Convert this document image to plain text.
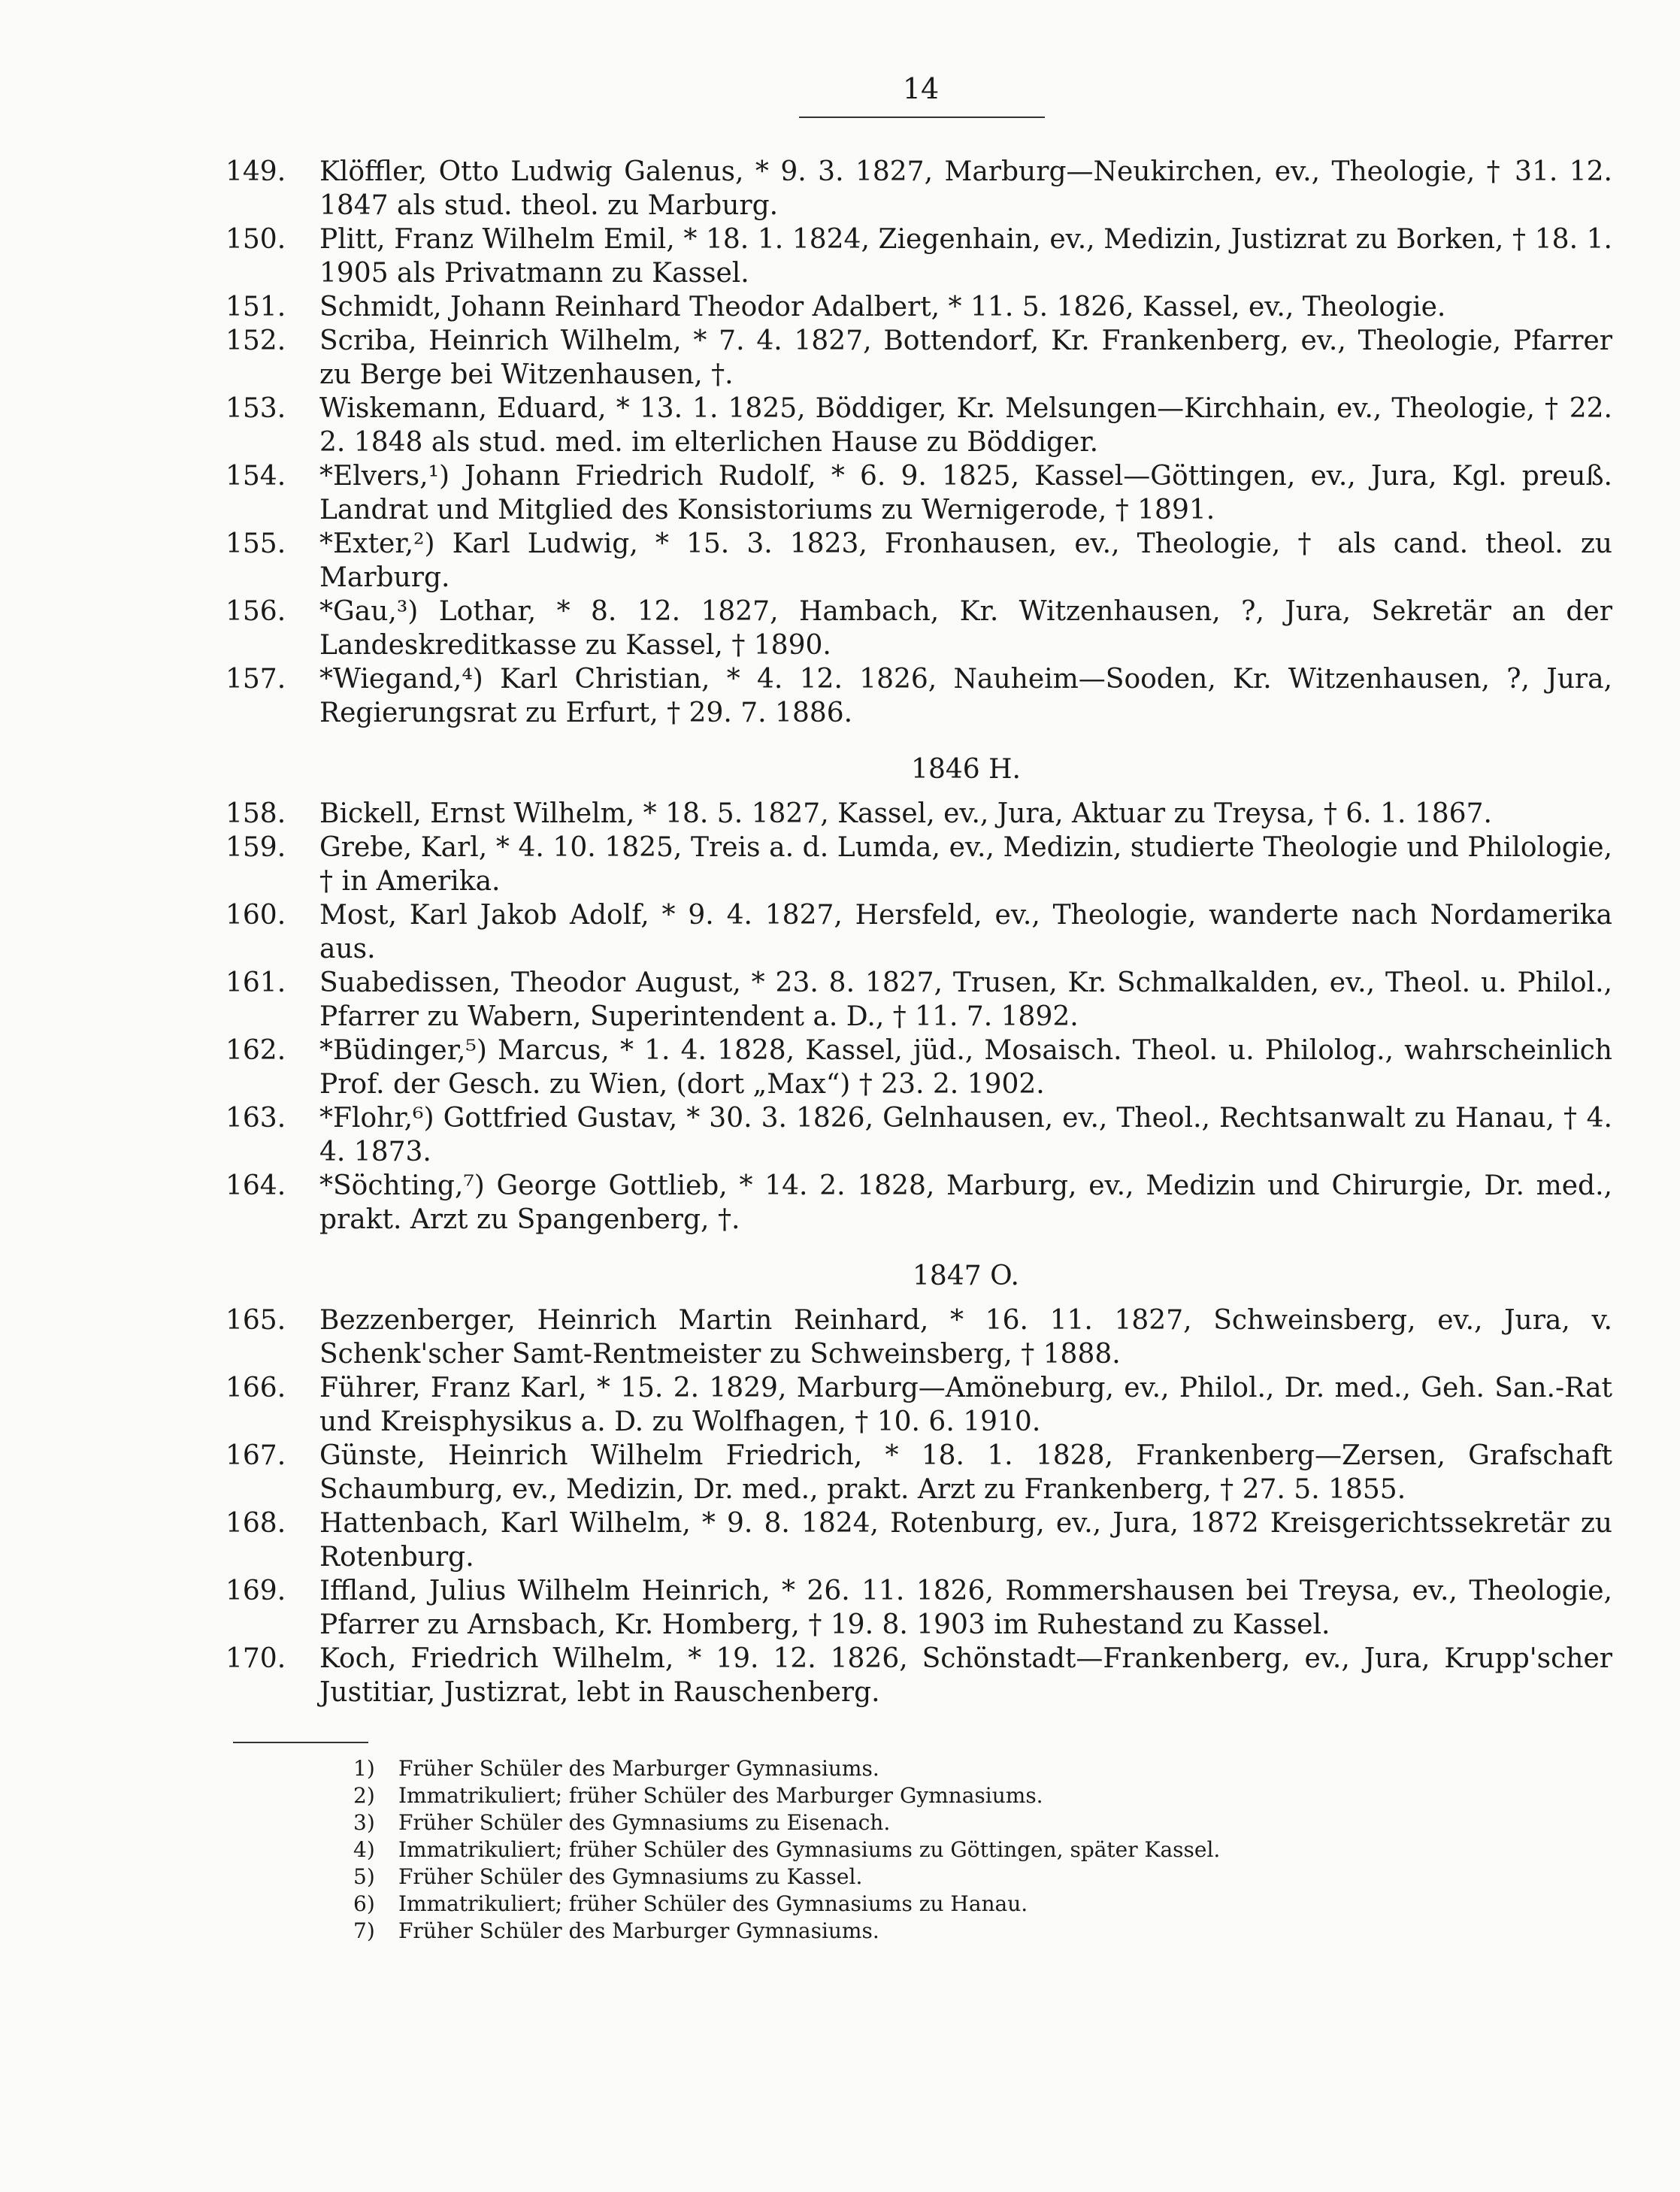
14
149.	Klöffler, Otto Ludwig Galenus, * 9. 3. 1827, Marburg—Neukirchen, ev., Theologie, † 31. 12. 1847 als stud. theol. zu Marburg.
150.	Plitt, Franz Wilhelm Emil, * 18. 1. 1824, Ziegenhain, ev., Medizin, Justizrat zu Borken, † 18. 1. 1905 als Privatmann zu Kassel.
151.	Schmidt, Johann Reinhard Theodor Adalbert, * 11. 5. 1826, Kassel, ev., Theologie.
152.	Scriba, Heinrich Wilhelm, * 7. 4. 1827, Bottendorf, Kr. Frankenberg, ev., Theologie, Pfarrer zu Berge bei Witzenhausen, †.
153.	Wiskemann, Eduard, * 13. 1. 1825, Böddiger, Kr. Melsungen—Kirchhain, ev., Theologie, † 22. 2. 1848 als stud. med. im elterlichen Hause zu Böddiger.
154.	*Elvers,¹) Johann Friedrich Rudolf, * 6. 9. 1825, Kassel—Göttingen, ev., Jura, Kgl. preuß. Landrat und Mitglied des Konsistoriums zu Wernigerode, † 1891.
155.	*Exter,²) Karl Ludwig, * 15. 3. 1823, Fronhausen, ev., Theologie, † als cand. theol. zu Marburg.
156.	*Gau,³) Lothar, * 8. 12. 1827, Hambach, Kr. Witzenhausen, ?, Jura, Sekretär an der Landeskreditkasse zu Kassel, † 1890.
157.	*Wiegand,⁴) Karl Christian, * 4. 12. 1826, Nauheim—Sooden, Kr. Witzenhausen, ?, Jura, Regierungsrat zu Erfurt, † 29. 7. 1886.
1846 H.
158.	Bickell, Ernst Wilhelm, * 18. 5. 1827, Kassel, ev., Jura, Aktuar zu Treysa, † 6. 1. 1867.
159.	Grebe, Karl, * 4. 10. 1825, Treis a. d. Lumda, ev., Medizin, studierte Theologie und Philologie, † in Amerika.
160.	Most, Karl Jakob Adolf, * 9. 4. 1827, Hersfeld, ev., Theologie, wanderte nach Nordamerika aus.
161.	Suabedissen, Theodor August, * 23. 8. 1827, Trusen, Kr. Schmalkalden, ev., Theol. u. Philol., Pfarrer zu Wabern, Superintendent a. D., † 11. 7. 1892.
162.	*Büdinger,⁵) Marcus, * 1. 4. 1828, Kassel, jüd., Mosaisch. Theol. u. Philolog., wahrscheinlich Prof. der Gesch. zu Wien, (dort „Max“) † 23. 2. 1902.
163.	*Flohr,⁶) Gottfried Gustav, * 30. 3. 1826, Gelnhausen, ev., Theol., Rechtsanwalt zu Hanau, † 4. 4. 1873.
164.	*Söchting,⁷) George Gottlieb, * 14. 2. 1828, Marburg, ev., Medizin und Chirurgie, Dr. med., prakt. Arzt zu Spangenberg, †.
1847 O.
165.	Bezzenberger, Heinrich Martin Reinhard, * 16. 11. 1827, Schweinsberg, ev., Jura, v. Schenk'scher Samt-Rentmeister zu Schweinsberg, † 1888.
166.	Führer, Franz Karl, * 15. 2. 1829, Marburg—Amöneburg, ev., Philol., Dr. med., Geh. San.-Rat und Kreisphysikus a. D. zu Wolfhagen, † 10. 6. 1910.
167.	Günste, Heinrich Wilhelm Friedrich, * 18. 1. 1828, Frankenberg—Zersen, Grafschaft Schaumburg, ev., Medizin, Dr. med., prakt. Arzt zu Frankenberg, † 27. 5. 1855.
168.	Hattenbach, Karl Wilhelm, * 9. 8. 1824, Rotenburg, ev., Jura, 1872 Kreisgerichtssekretär zu Rotenburg.
169.	Iffland, Julius Wilhelm Heinrich, * 26. 11. 1826, Rommershausen bei Treysa, ev., Theologie, Pfarrer zu Arnsbach, Kr. Homberg, † 19. 8. 1903 im Ruhestand zu Kassel.
170.	Koch, Friedrich Wilhelm, * 19. 12. 1826, Schönstadt—Frankenberg, ev., Jura, Krupp'scher Justitiar, Justizrat, lebt in Rauschenberg.
1)	Früher Schüler des Marburger Gymnasiums.
2)	Immatrikuliert; früher Schüler des Marburger Gymnasiums.
3)	Früher Schüler des Gymnasiums zu Eisenach.
4)	Immatrikuliert; früher Schüler des Gymnasiums zu Göttingen, später Kassel.
5)	Früher Schüler des Gymnasiums zu Kassel.
6)	Immatrikuliert; früher Schüler des Gymnasiums zu Hanau.
7)	Früher Schüler des Marburger Gymnasiums.
